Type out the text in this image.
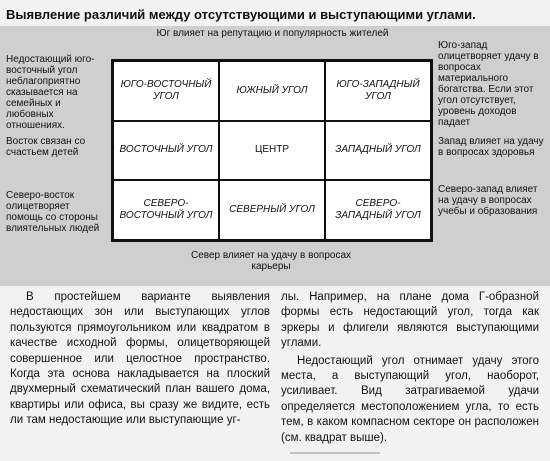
Выявление различий между отсутствующими и выступающими углами.
Юг влияет на репутацию и популярность жителей
Недостающий юго-восточный угол неблагоприятно сказывается на семейных и любовных отношениях.
Восток связан со счастьем детей
Северо-восток олицетворяет помощь со стороны влиятельных людей
Юго-запад олицетворяет удачу в вопросах материального богатства. Если этот угол отсутствует, уровень доходов падает
Запад влияет на удачу в вопросах здоровья
Северо-запад влияет на удачу в вопросах учебы и образования
ЮГО-ВОСТОЧНЫЙ УГОЛ
ЮЖНЫЙ УГОЛ
ЮГО-ЗАПАДНЫЙ УГОЛ
ВОСТОЧНЫЙ УГОЛ	ЦЕНТР	ЗАПАДНЫЙ УГОЛ
СЕВЕРО-ВОСТОЧНЫЙ УГОЛ
СЕВЕРНЫЙ УГОЛ
СЕВЕРО-ЗАПАДНЫЙ УГОЛ
Север влияет на удачу в вопросах карьеры

В простейшем варианте выявления недостающих зон или выступающих углов пользуются прямоугольником или квадратом в качестве исходной формы, олицетворяющей совершенное или целостное пространство. Когда эта основа накладывается на плоский двухмерный схематический план вашего дома, квартиры или офиса, вы сразу же видите, есть ли там недостающие или выступающие уг-

лы. Например, на плане дома Г-образной формы есть недостающий угол, тогда как эркеры и флигели являются выступающими углами.

Недостающий угол отнимает удачу этого места, а выступающий угол, наоборот, усиливает. Вид затрагиваемой удачи определяется местоположением угла, то есть тем, в каком компасном секторе он расположен (см. квадрат выше).
